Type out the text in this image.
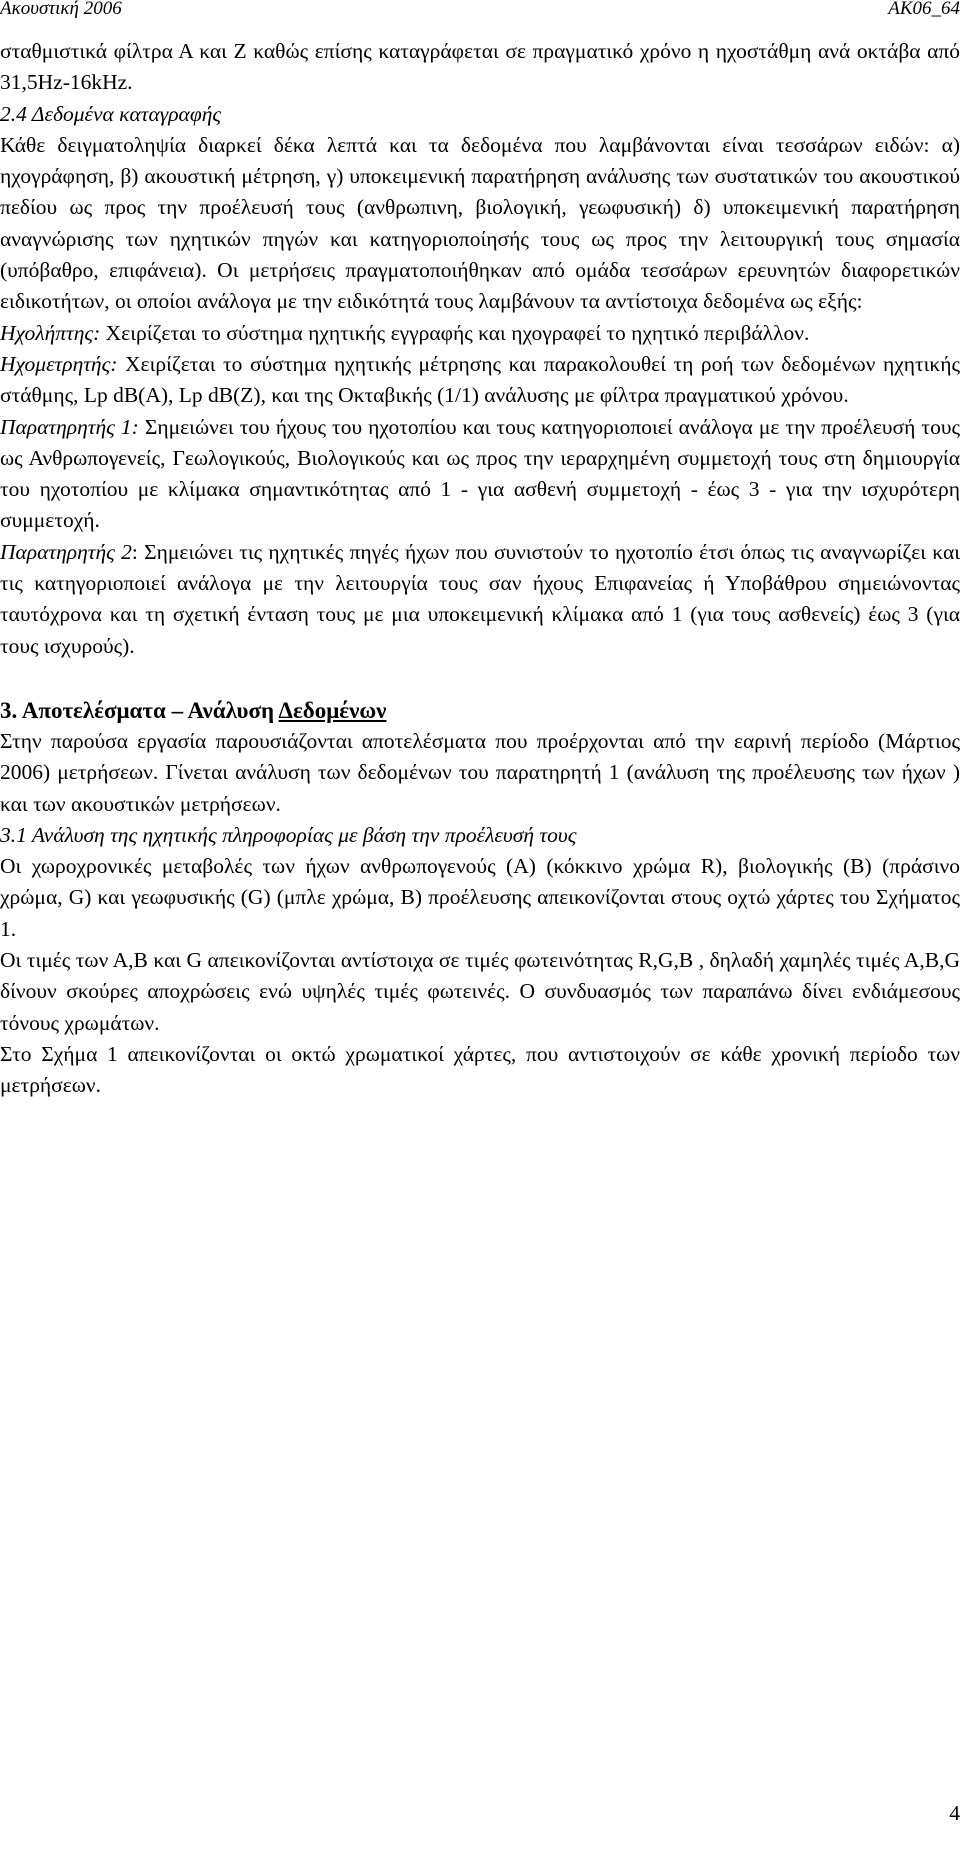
Ακουστική 2006	ΑΚ06_64
σταθμιστικά φίλτρα Α και Ζ καθώς επίσης καταγράφεται σε πραγματικό χρόνο η ηχοστάθμη ανά οκτάβα από 31,5Hz-16kHz.
2.4 Δεδομένα καταγραφής
Κάθε δειγματοληψία διαρκεί δέκα λεπτά και τα δεδομένα που λαμβάνονται είναι τεσσάρων ειδών: α) ηχογράφηση, β) ακουστική μέτρηση, γ) υποκειμενική παρατήρηση ανάλυσης των συστατικών του ακουστικού πεδίου ως προς την προέλευσή τους (ανθρωπινη, βιολογική, γεωφυσική) δ) υποκειμενική παρατήρηση αναγνώρισης των ηχητικών πηγών και κατηγοριοποίησής τους ως προς την λειτουργική τους σημασία (υπόβαθρο, επιφάνεια). Οι μετρήσεις πραγματοποιήθηκαν από ομάδα τεσσάρων ερευνητών διαφορετικών ειδικοτήτων, οι οποίοι ανάλογα με την ειδικότητά τους λαμβάνουν τα αντίστοιχα δεδομένα ως εξής:
Ηχολήπτης: Χειρίζεται το σύστημα ηχητικής εγγραφής και ηχογραφεί το ηχητικό περιβάλλον.
Ηχομετρητής: Χειρίζεται το σύστημα ηχητικής μέτρησης και παρακολουθεί τη ροή των δεδομένων ηχητικής στάθμης, Lp dB(A), Lp dB(Z), και της Οκταβικής (1/1) ανάλυσης με φίλτρα πραγματικού χρόνου.
Παρατηρητής 1: Σημειώνει του ήχους του ηχοτοπίου και τους κατηγοριοποιεί ανάλογα με την προέλευσή τους ως Ανθρωπογενείς, Γεωλογικούς, Βιολογικούς και ως προς την ιεραρχημένη συμμετοχή τους στη δημιουργία του ηχοτοπίου με κλίμακα σημαντικότητας από 1 - για ασθενή συμμετοχή - έως 3 - για την ισχυρότερη συμμετοχή.
Παρατηρητής 2: Σημειώνει τις ηχητικές πηγές ήχων που συνιστούν το ηχοτοπίο έτσι όπως τις αναγνωρίζει και τις κατηγοριοποιεί ανάλογα με την λειτουργία τους σαν ήχους Επιφανείας ή Υποβάθρου σημειώνοντας ταυτόχρονα και τη σχετική ένταση τους με μια υποκειμενική κλίμακα από 1 (για τους ασθενείς) έως 3 (για τους ισχυρούς).
3. Αποτελέσματα – Ανάλυση Δεδομένων
Στην παρούσα εργασία παρουσιάζονται αποτελέσματα που προέρχονται από την εαρινή περίοδο (Μάρτιος 2006) μετρήσεων. Γίνεται ανάλυση των δεδομένων του παρατηρητή 1 (ανάλυση της προέλευσης των ήχων ) και των ακουστικών μετρήσεων.
3.1 Ανάλυση της ηχητικής πληροφορίας με βάση την προέλευσή τους
Οι χωροχρονικές μεταβολές των ήχων ανθρωπογενούς (Α) (κόκκινο χρώμα R), βιολογικής (Β) (πράσινο χρώμα, G) και γεωφυσικής (G) (μπλε χρώμα, B) προέλευσης απεικονίζονται στους οχτώ χάρτες του Σχήματος 1.
Οι τιμές των Α,Β και G απεικονίζονται αντίστοιχα σε τιμές φωτεινότητας R,G,B , δηλαδή χαμηλές τιμές Α,Β,G δίνουν σκούρες αποχρώσεις ενώ υψηλές τιμές φωτεινές. Ο συνδυασμός των παραπάνω δίνει ενδιάμεσους τόνους χρωμάτων.
Στο Σχήμα 1 απεικονίζονται οι οκτώ χρωματικοί χάρτες, που αντιστοιχούν σε κάθε χρονική περίοδο των μετρήσεων.
4
